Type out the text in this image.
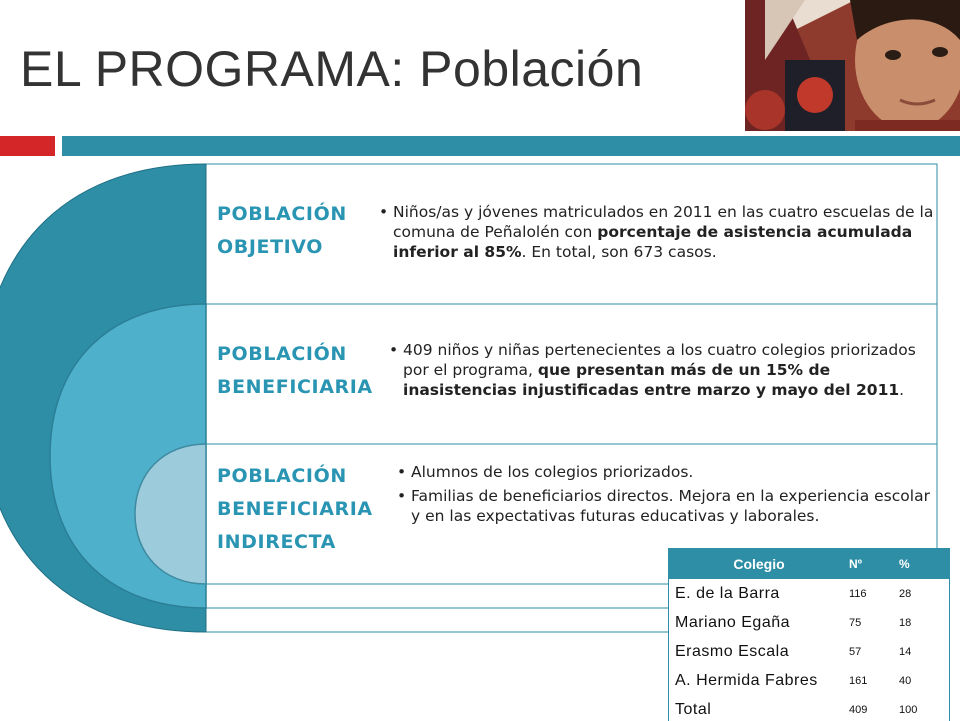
EL PROGRAMA: Población
POBLACIÓN
OBJETIVO
POBLACIÓN
BENEFICIARIA
POBLACIÓN
BENEFICIARIA
INDIRECTA
• Niños/as y jóvenes matriculados en 2011 en las cuatro escuelas de la comuna de Peñalolén con porcentaje de asistencia acumulada inferior al 85%. En total, son 673 casos.
• 409 niños y niñas pertenecientes a los cuatro colegios priorizados por el programa, que presentan más de un 15% de inasistencias injustificadas entre marzo y mayo del 2011.
• Alumnos de los colegios priorizados.
• Familias de beneficiarios directos. Mejora en la experiencia escolar y en las expectativas futuras educativas y laborales.
Colegio	Nº	%
E. de la Barra	116	28
Mariano Egaña	75	18
Erasmo Escala	57	14
A. Hermida Fabres	161	40
Total	409	100
